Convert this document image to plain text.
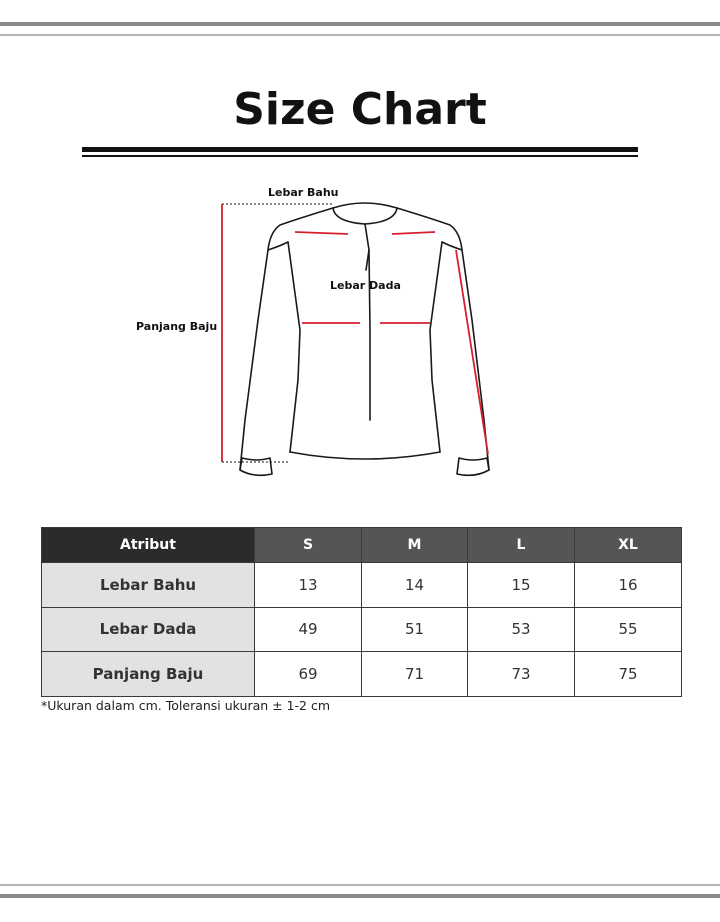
Size Chart
Lebar Bahu
Lebar Dada
Panjang Baju
Atribut	S	M	L	XL
Lebar Bahu	13	14	15	16
Lebar Dada	49	51	53	55
Panjang Baju	69	71	73	75
*Ukuran dalam cm. Toleransi ukuran ± 1-2 cm
